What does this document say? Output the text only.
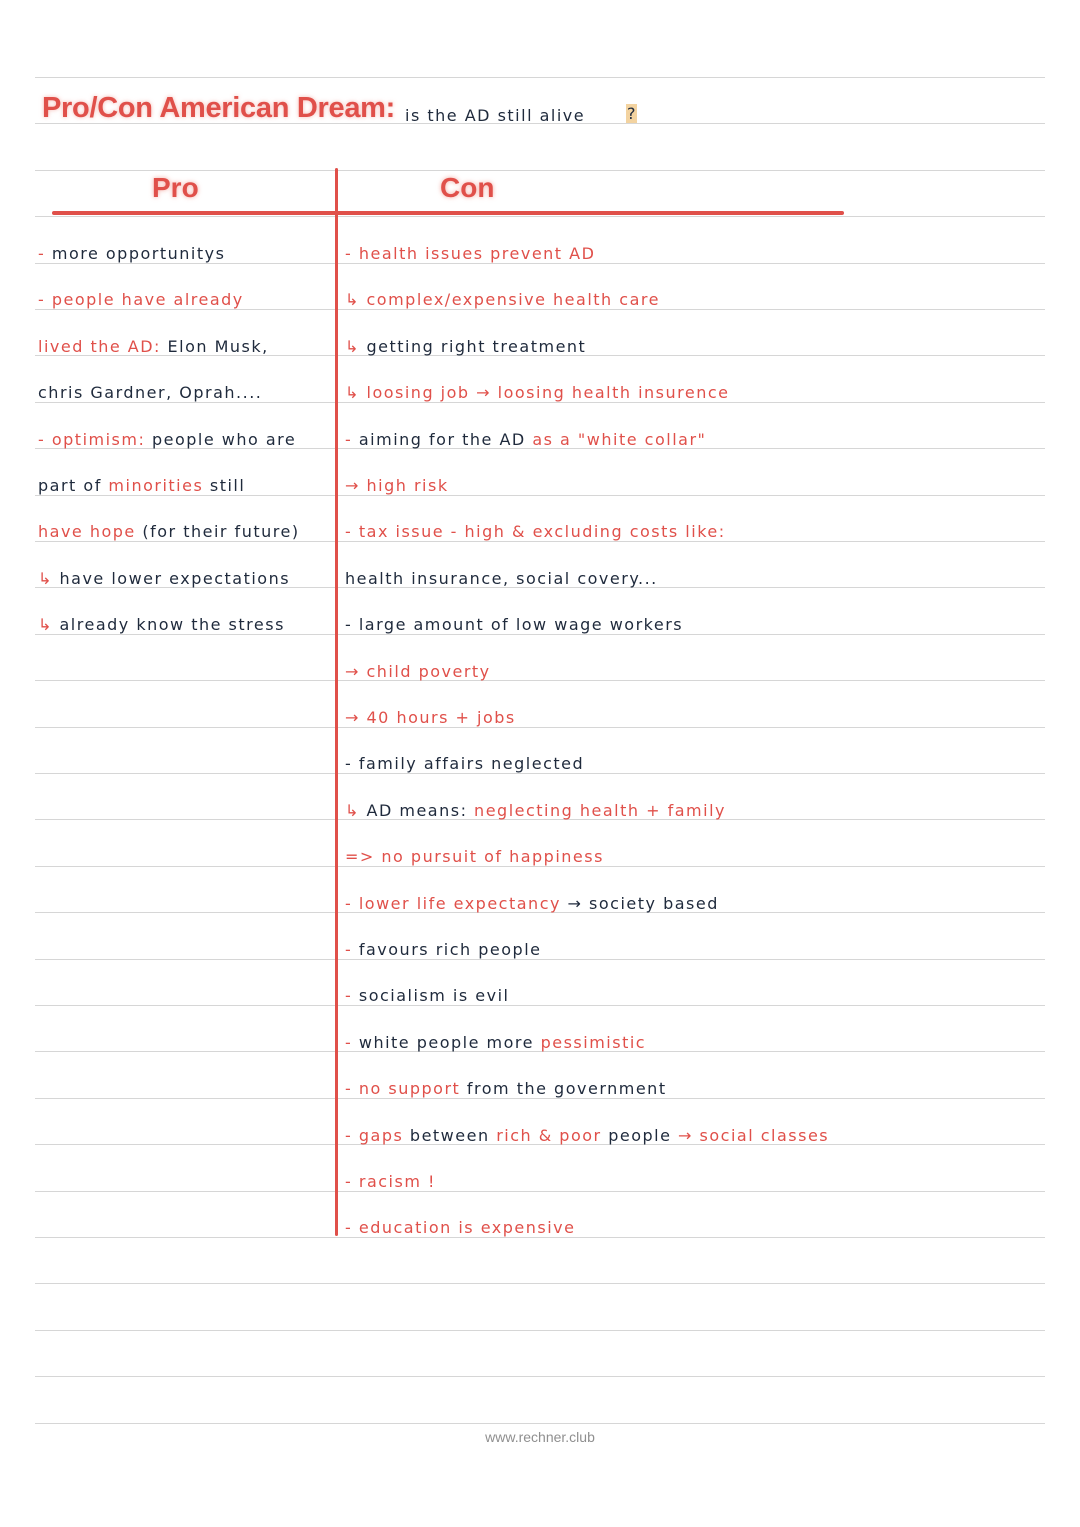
Pro/Con American Dream: is the AD still alive	?
Pro	Con
- more opportunitys
- people have already
lived the AD: Elon Musk,
chris Gardner, Oprah....
- optimism: people who are
part of minorities still
have hope (for their future)
↳ have lower expectations
↳ already know the stress
- health issues prevent AD
↳ complex/expensive health care
↳ getting right treatment
↳ loosing job → loosing health insurence
- aiming for the AD as a "white collar"
→ high risk
- tax issue - high & excluding costs like:
health insurance, social covery...
- large amount of low wage workers
→ child poverty
→ 40 hours + jobs
- family affairs neglected
↳ AD means: neglecting health + family
=> no pursuit of happiness
- lower life expectancy → society based
- favours rich people
- socialism is evil
- white people more pessimistic
- no support from the government
- gaps between rich & poor people → social classes
- racism !
- education is expensive
www.rechner.club
